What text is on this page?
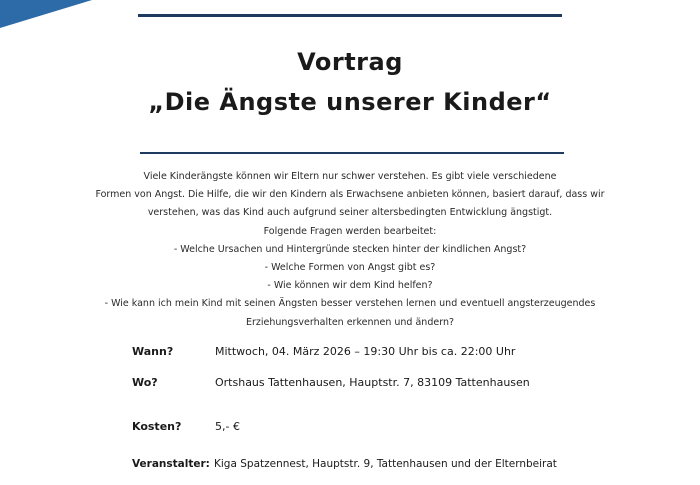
Vortrag
„Die Ängste unserer Kinder“
Viele Kinderängste können wir Eltern nur schwer verstehen. Es gibt viele verschiedene
Formen von Angst. Die Hilfe, die wir den Kindern als Erwachsene anbieten können, basiert darauf, dass wir
verstehen, was das Kind auch aufgrund seiner altersbedingten Entwicklung ängstigt.
Folgende Fragen werden bearbeitet:
- Welche Ursachen und Hintergründe stecken hinter der kindlichen Angst?
- Welche Formen von Angst gibt es?
- Wie können wir dem Kind helfen?
- Wie kann ich mein Kind mit seinen Ängsten besser verstehen lernen und eventuell angsterzeugendes
Erziehungsverhalten erkennen und ändern?
Wann?	Mittwoch, 04. März 2026 – 19:30 Uhr bis ca. 22:00 Uhr
Wo?	Ortshaus Tattenhausen, Hauptstr. 7, 83109 Tattenhausen
Kosten?	5,- €
Veranstalter: Kiga Spatzennest, Hauptstr. 9, Tattenhausen und der Elternbeirat
